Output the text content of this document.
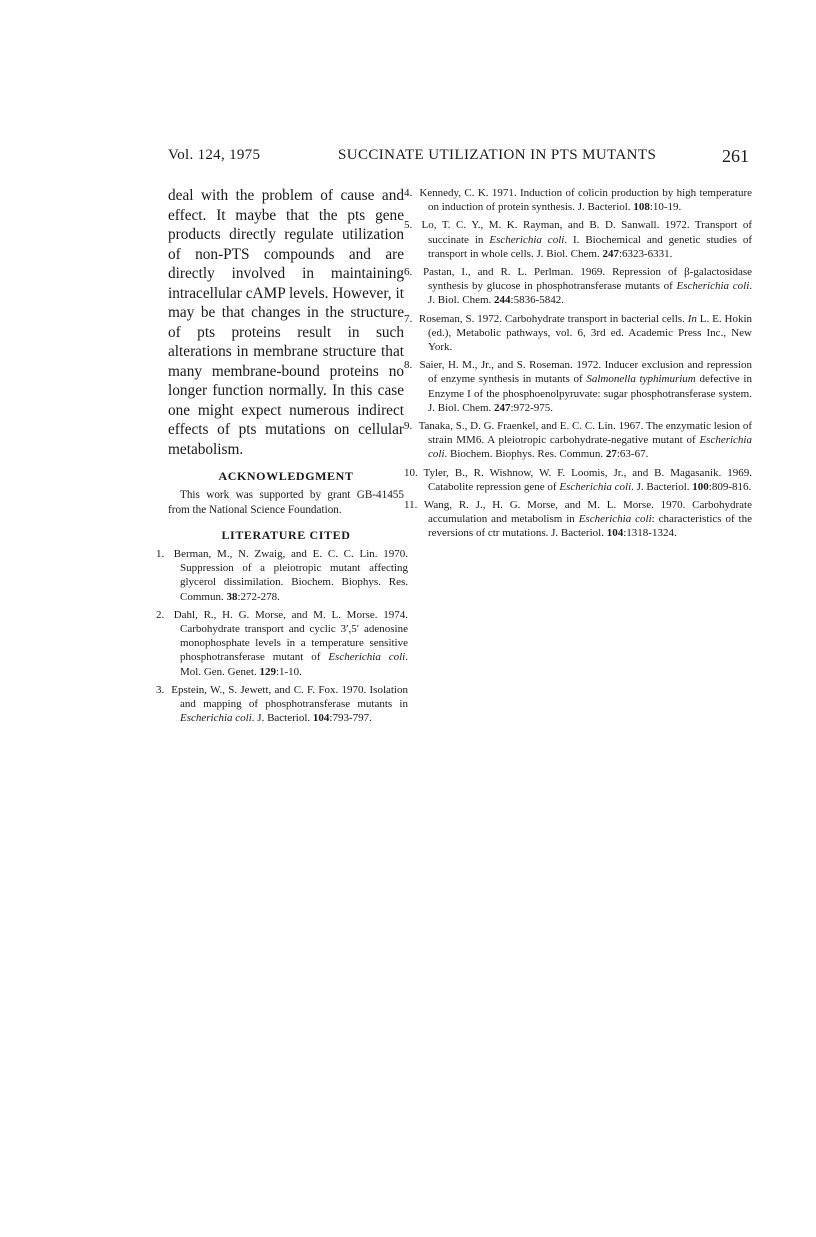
Vol. 124, 1975	SUCCINATE UTILIZATION IN PTS MUTANTS	261

deal with the problem of cause and effect. It maybe that the pts gene products directly regulate utilization of non-PTS compounds and are directly involved in maintaining intracellular cAMP levels. However, it may be that changes in the structure of pts proteins result in such alterations in membrane structure that many membrane-bound proteins no longer function normally. In this case one might expect numerous indirect effects of pts mutations on cellular metabolism.

ACKNOWLEDGMENT

This work was supported by grant GB-41455 from the National Science Foundation.

LITERATURE CITED

1. Berman, M., N. Zwaig, and E. C. C. Lin. 1970. Suppression of a pleiotropic mutant affecting glycerol dissimilation. Biochem. Biophys. Res. Commun. 38:272-278.

2. Dahl, R., H. G. Morse, and M. L. Morse. 1974. Carbohydrate transport and cyclic 3′,5′ adenosine monophosphate levels in a temperature sensitive phosphotransferase mutant of Escherichia coli. Mol. Gen. Genet. 129:1-10.

3. Epstein, W., S. Jewett, and C. F. Fox. 1970. Isolation and mapping of phosphotransferase mutants in Escherichia coli. J. Bacteriol. 104:793-797.

4. Kennedy, C. K. 1971. Induction of colicin production by high temperature on induction of protein synthesis. J. Bacteriol. 108:10-19.

5. Lo, T. C. Y., M. K. Rayman, and B. D. Sanwall. 1972. Transport of succinate in Escherichia coli. I. Biochemical and genetic studies of transport in whole cells. J. Biol. Chem. 247:6323-6331.

6. Pastan, I., and R. L. Perlman. 1969. Repression of β-galactosidase synthesis by glucose in phosphotransferase mutants of Escherichia coli. J. Biol. Chem. 244:5836-5842.

7. Roseman, S. 1972. Carbohydrate transport in bacterial cells. In L. E. Hokin (ed.), Metabolic pathways, vol. 6, 3rd ed. Academic Press Inc., New York.

8. Saier, H. M., Jr., and S. Roseman. 1972. Inducer exclusion and repression of enzyme synthesis in mutants of Salmonella typhimurium defective in Enzyme I of the phosphoenolpyruvate: sugar phosphotransferase system. J. Biol. Chem. 247:972-975.

9. Tanaka, S., D. G. Fraenkel, and E. C. C. Lin. 1967. The enzymatic lesion of strain MM6. A pleiotropic carbohydrate-negative mutant of Escherichia coli. Biochem. Biophys. Res. Commun. 27:63-67.

10. Tyler, B., R. Wishnow, W. F. Loomis, Jr., and B. Magasanik. 1969. Catabolite repression gene of Escherichia coli. J. Bacteriol. 100:809-816.

11. Wang, R. J., H. G. Morse, and M. L. Morse. 1970. Carbohydrate accumulation and metabolism in Escherichia coli: characteristics of the reversions of ctr mutations. J. Bacteriol. 104:1318-1324.
